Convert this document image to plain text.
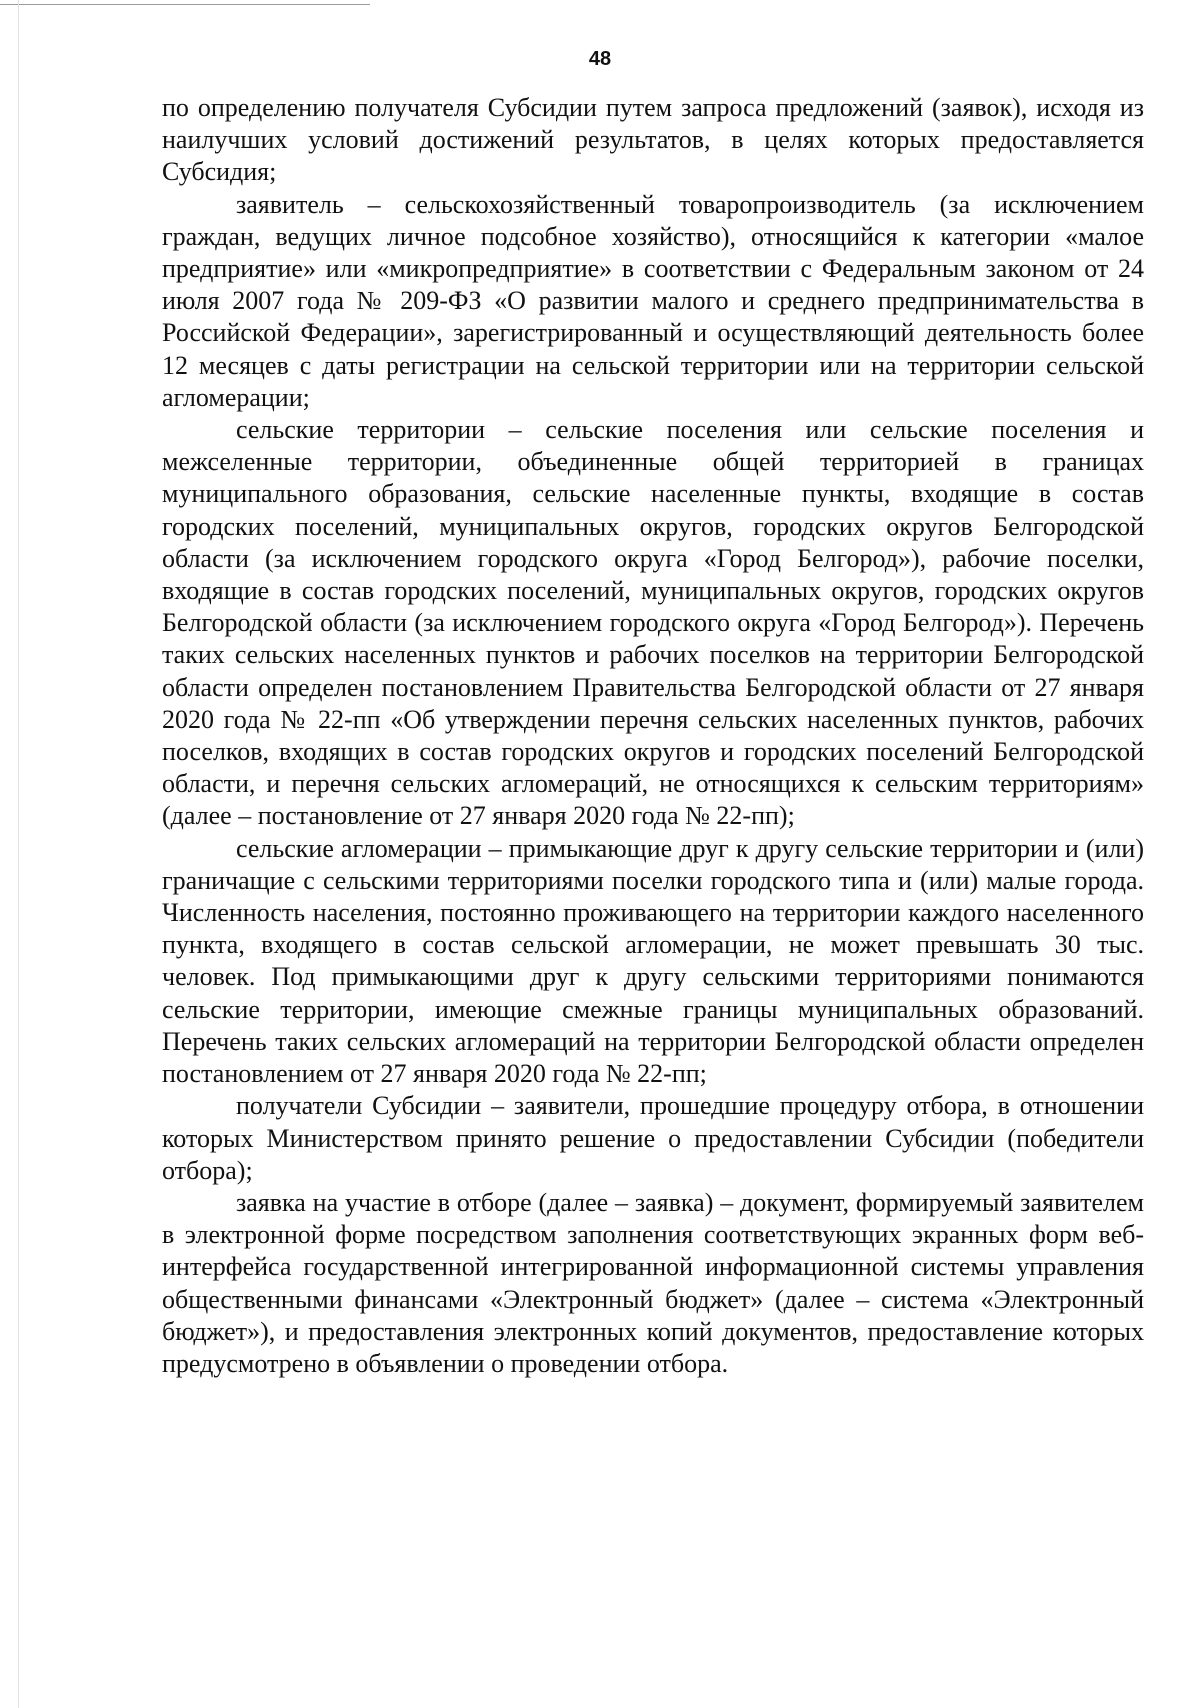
48

по определению получателя Субсидии путем запроса предложений (заявок), исходя из наилучших условий достижений результатов, в целях которых предоставляется Субсидия;

заявитель – сельскохозяйственный товаропроизводитель (за исключением граждан, ведущих личное подсобное хозяйство), относящийся к категории «малое предприятие» или «микропредприятие» в соответствии с Федеральным законом от 24 июля 2007 года № 209-ФЗ «О развитии малого и среднего предпринимательства в Российской Федерации», зарегистрированный и осуществляющий деятельность более 12 месяцев с даты регистрации на сельской территории или на территории сельской агломерации;

сельские территории – сельские поселения или сельские поселения и межселенные территории, объединенные общей территорией в границах муниципального образования, сельские населенные пункты, входящие в состав городских поселений, муниципальных округов, городских округов Белгородской области (за исключением городского округа «Город Белгород»), рабочие поселки, входящие в состав городских поселений, муниципальных округов, городских округов Белгородской области (за исключением городского округа «Город Белгород»). Перечень таких сельских населенных пунктов и рабочих поселков на территории Белгородской области определен постановлением Правительства Белгородской области от 27 января 2020 года № 22-пп «Об утверждении перечня сельских населенных пунктов, рабочих поселков, входящих в состав городских округов и городских поселений Белгородской области, и перечня сельских агломераций, не относящихся к сельским территориям» (далее – постановление от 27 января 2020 года № 22-пп);

сельские агломерации – примыкающие друг к другу сельские территории и (или) граничащие с сельскими территориями поселки городского типа и (или) малые города. Численность населения, постоянно проживающего на территории каждого населенного пункта, входящего в состав сельской агломерации, не может превышать 30 тыс. человек. Под примыкающими друг к другу сельскими территориями понимаются сельские территории, имеющие смежные границы муниципальных образований. Перечень таких сельских агломераций на территории Белгородской области определен постановлением от 27 января 2020 года № 22-пп;

получатели Субсидии – заявители, прошедшие процедуру отбора, в отношении которых Министерством принято решение о предоставлении Субсидии (победители отбора);

заявка на участие в отборе (далее – заявка) – документ, формируемый заявителем в электронной форме посредством заполнения соответствующих экранных форм веб-интерфейса государственной интегрированной информационной системы управления общественными финансами «Электронный бюджет» (далее – система «Электронный бюджет»), и предоставления электронных копий документов, предоставление которых предусмотрено в объявлении о проведении отбора.
